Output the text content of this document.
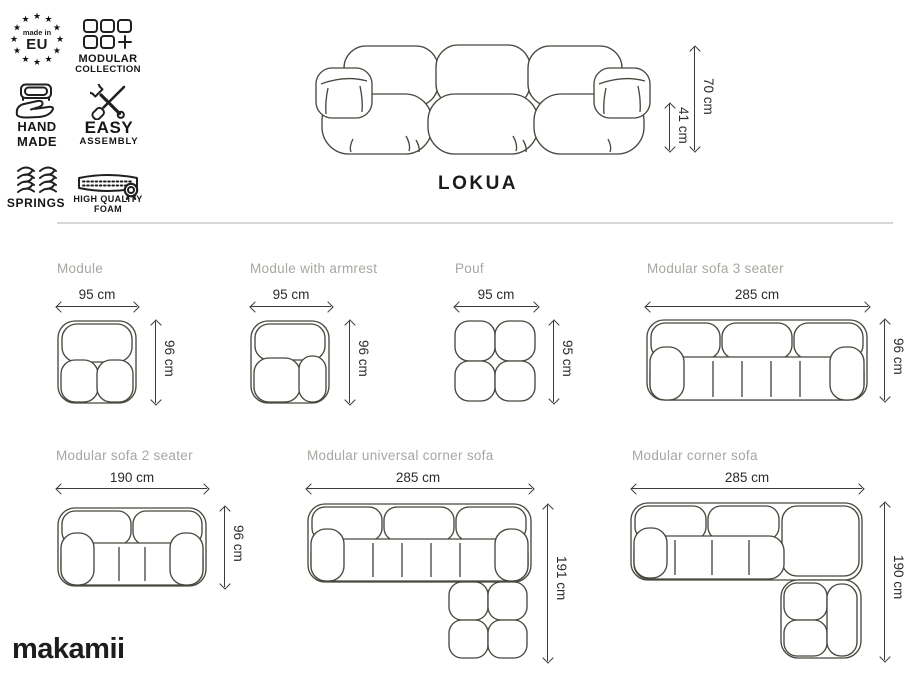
★ ★
★
★
★
★
★
★
★
★
★
★
made in
EU
MODULAR
COLLECTION
HAND
MADE
EASY
ASSEMBLY
SPRINGS HIGH QUALITY
FOAM
70 cm
41 cm
LOKUA
Module
95 cm
96 cm
Module with armrest
95 cm
96 cm
Pouf
95 cm
95 cm
Modular sofa 3 seater
285 cm
96 cm
Modular sofa 2 seater
190 cm
96 cm
Modular universal corner sofa
285 cm
191 cm
Modular corner sofa
285 cm
190 cm
makamii
